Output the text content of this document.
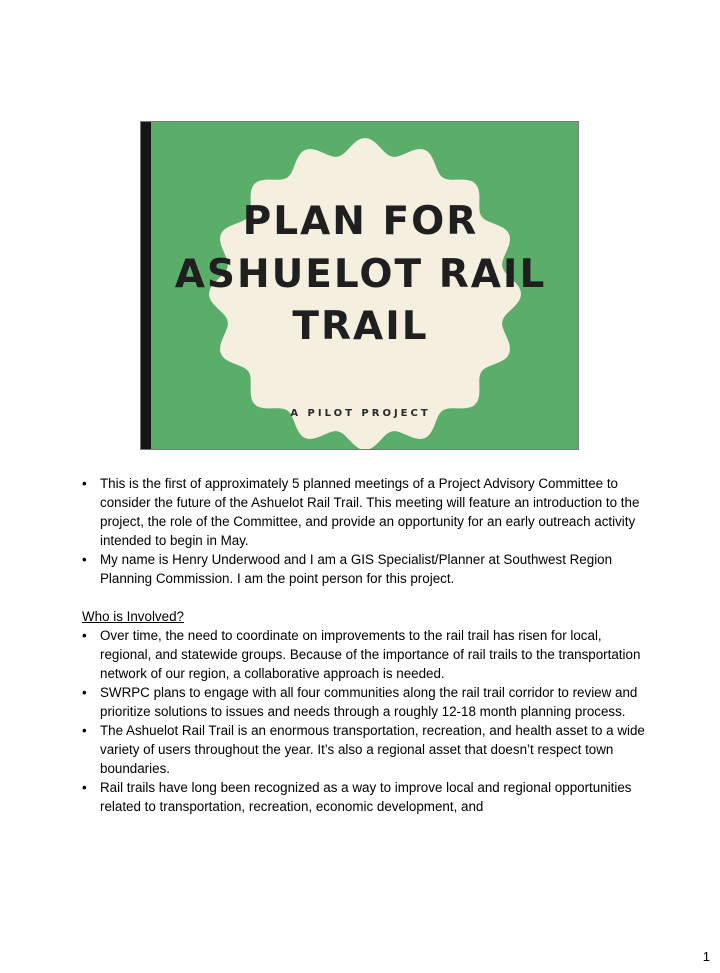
PLAN FOR
ASHUELOT RAIL
TRAIL
A PILOT PROJECT
• This is the first of approximately 5 planned meetings of a Project Advisory Committee to consider the future of the Ashuelot Rail Trail. This meeting will feature an introduction to the project, the role of the Committee, and provide an opportunity for an early outreach activity intended to begin in May.
• My name is Henry Underwood and I am a GIS Specialist/Planner at Southwest Region Planning Commission. I am the point person for this project.
Who is Involved?
• Over time, the need to coordinate on improvements to the rail trail has risen for local, regional, and statewide groups. Because of the importance of rail trails to the transportation network of our region, a collaborative approach is needed.
• SWRPC plans to engage with all four communities along the rail trail corridor to review and prioritize solutions to issues and needs through a roughly 12-18 month planning process.
• The Ashuelot Rail Trail is an enormous transportation, recreation, and health asset to a wide variety of users throughout the year. It’s also a regional asset that doesn’t respect town boundaries.
• Rail trails have long been recognized as a way to improve local and regional opportunities related to transportation, recreation, economic development, and
1
